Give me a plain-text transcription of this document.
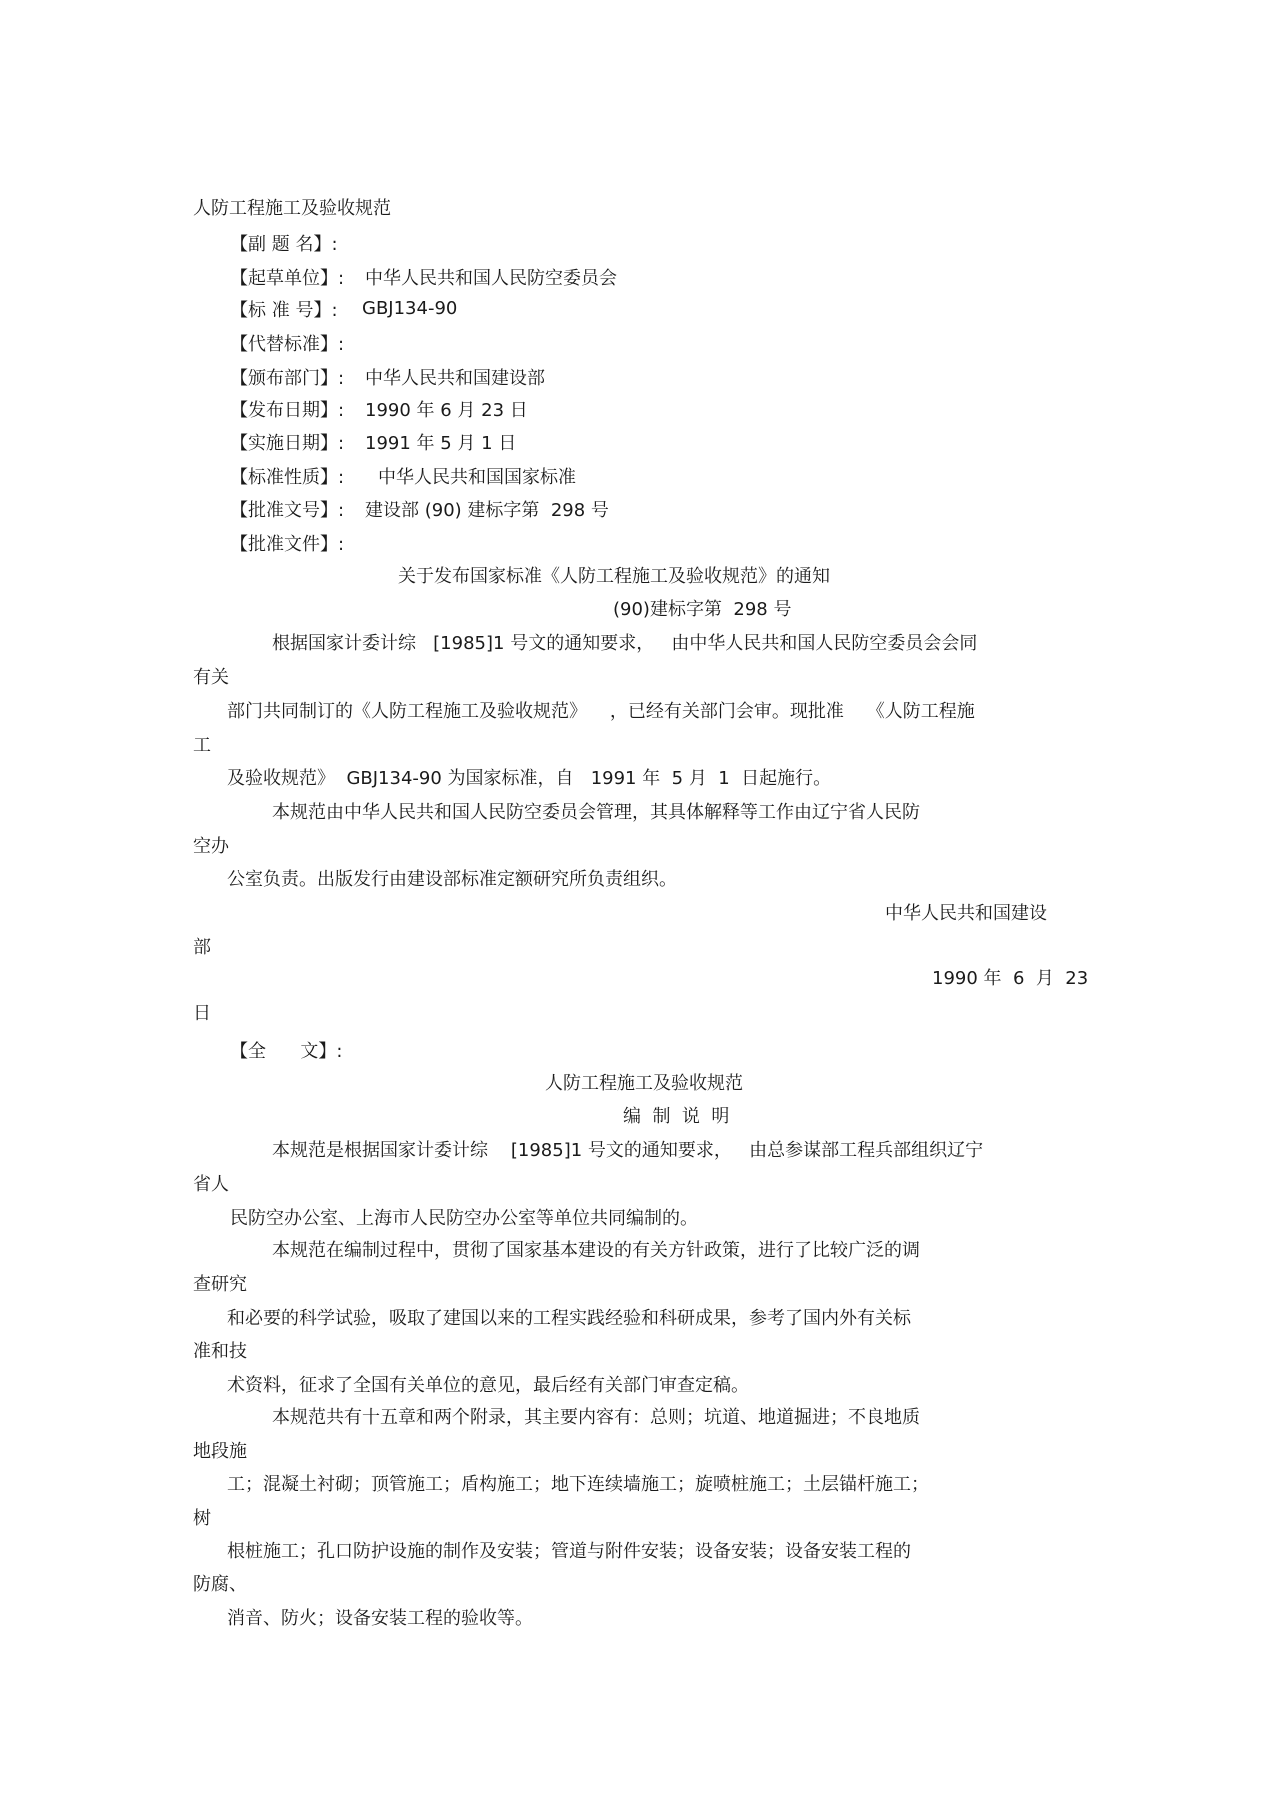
人防工程施工及验收规范
【副 题 名】:
【起草单位】: 中华人民共和国人民防空委员会
【标 准 号】: GBJ134-90
【代替标准】:
【颁布部门】: 中华人民共和国建设部
【发布日期】: 1990 年 6 月 23 日
【实施日期】: 1991 年 5 月 1 日
【标准性质】: 中华人民共和国国家标准
【批准文号】: 建设部 (90) 建标字第  298 号
【批准文件】:
关于发布国家标准《人防工程施工及验收规范》的通知
(90)建标字第  298 号
根据国家计委计综   [1985]1 号文的通知要求，   由中华人民共和国人民防空委员会会同
有关
部门共同制订的《人防工程施工及验收规范》    ，已经有关部门会审。现批准    《人防工程施
工
及验收规范》  GBJ134-90 为国家标准，自   1991 年  5 月  1  日起施行。
本规范由中华人民共和国人民防空委员会管理，其具体解释等工作由辽宁省人民防
空办
公室负责。出版发行由建设部标准定额研究所负责组织。
中华人民共和国建设
部
1990 年  6  月  23
日
【全      文】:
人防工程施工及验收规范
编  制  说  明
本规范是根据国家计委计综    [1985]1 号文的通知要求，   由总参谋部工程兵部组织辽宁
省人
民防空办公室、上海市人民防空办公室等单位共同编制的。
本规范在编制过程中，贯彻了国家基本建设的有关方针政策，进行了比较广泛的调
查研究
和必要的科学试验，吸取了建国以来的工程实践经验和科研成果，参考了国内外有关标
准和技
术资料，征求了全国有关单位的意见，最后经有关部门审查定稿。
本规范共有十五章和两个附录，其主要内容有：总则；坑道、地道掘进；不良地质
地段施
工；混凝土衬砌；顶管施工；盾构施工；地下连续墙施工；旋喷桩施工；土层锚杆施工；
树
根桩施工；孔口防护设施的制作及安装；管道与附件安装；设备安装；设备安装工程的
防腐、
消音、防火；设备安装工程的验收等。
